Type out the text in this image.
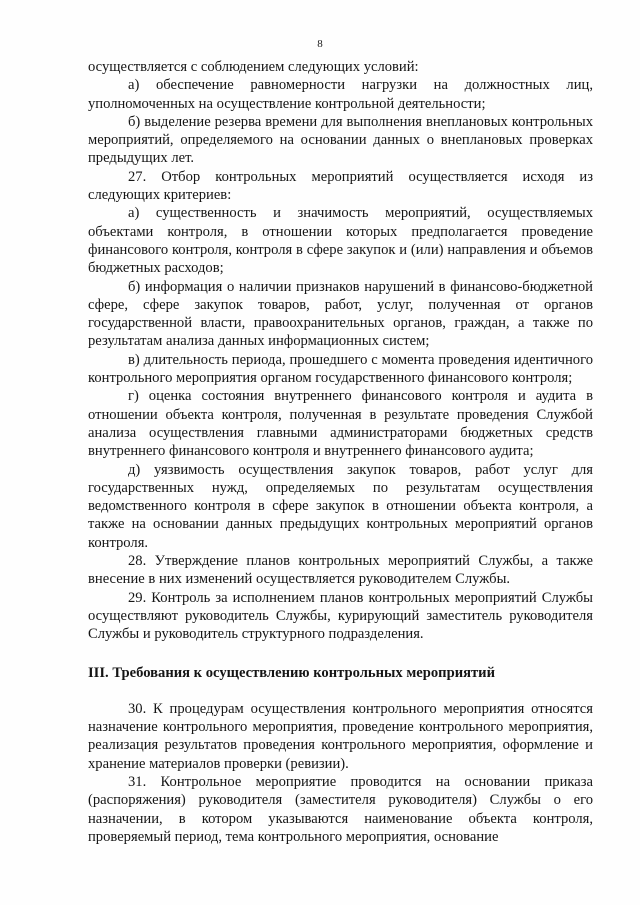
8

осуществляется с соблюдением следующих условий:

а) обеспечение равномерности нагрузки на должностных лиц, уполномоченных на осуществление контрольной деятельности;

б) выделение резерва времени для выполнения внеплановых контрольных мероприятий, определяемого на основании данных о внеплановых проверках предыдущих лет.

27. Отбор контрольных мероприятий осуществляется исходя из следующих критериев:

а) существенность и значимость мероприятий, осуществляемых объектами контроля, в отношении которых предполагается проведение финансового контроля, контроля в сфере закупок и (или) направления и объемов бюджетных расходов;

б) информация о наличии признаков нарушений в финансово-бюджетной сфере, сфере закупок товаров, работ, услуг, полученная от органов государственной власти, правоохранительных органов, граждан, а также по результатам анализа данных информационных систем;

в) длительность периода, прошедшего с момента проведения идентичного контрольного мероприятия органом государственного финансового контроля;

г) оценка состояния внутреннего финансового контроля и аудита в отношении объекта контроля, полученная в результате проведения Службой анализа осуществления главными администраторами бюджетных средств внутреннего финансового контроля и внутреннего финансового аудита;

д) уязвимость осуществления закупок товаров, работ услуг для государственных нужд, определяемых по результатам осуществления ведомственного контроля в сфере закупок в отношении объекта контроля, а также на основании данных предыдущих контрольных мероприятий органов контроля.

28. Утверждение планов контрольных мероприятий Службы, а также внесение в них изменений осуществляется руководителем Службы.

29. Контроль за исполнением планов контрольных мероприятий Службы осуществляют руководитель Службы, курирующий заместитель руководителя Службы и руководитель структурного подразделения.

III. Требования к осуществлению контрольных мероприятий

30. К процедурам осуществления контрольного мероприятия относятся назначение контрольного мероприятия, проведение контрольного мероприятия, реализация результатов проведения контрольного мероприятия, оформление и хранение материалов проверки (ревизии).

31. Контрольное мероприятие проводится на основании приказа (распоряжения) руководителя (заместителя руководителя) Службы о его назначении, в котором указываются наименование объекта контроля, проверяемый период, тема контрольного мероприятия, основание
